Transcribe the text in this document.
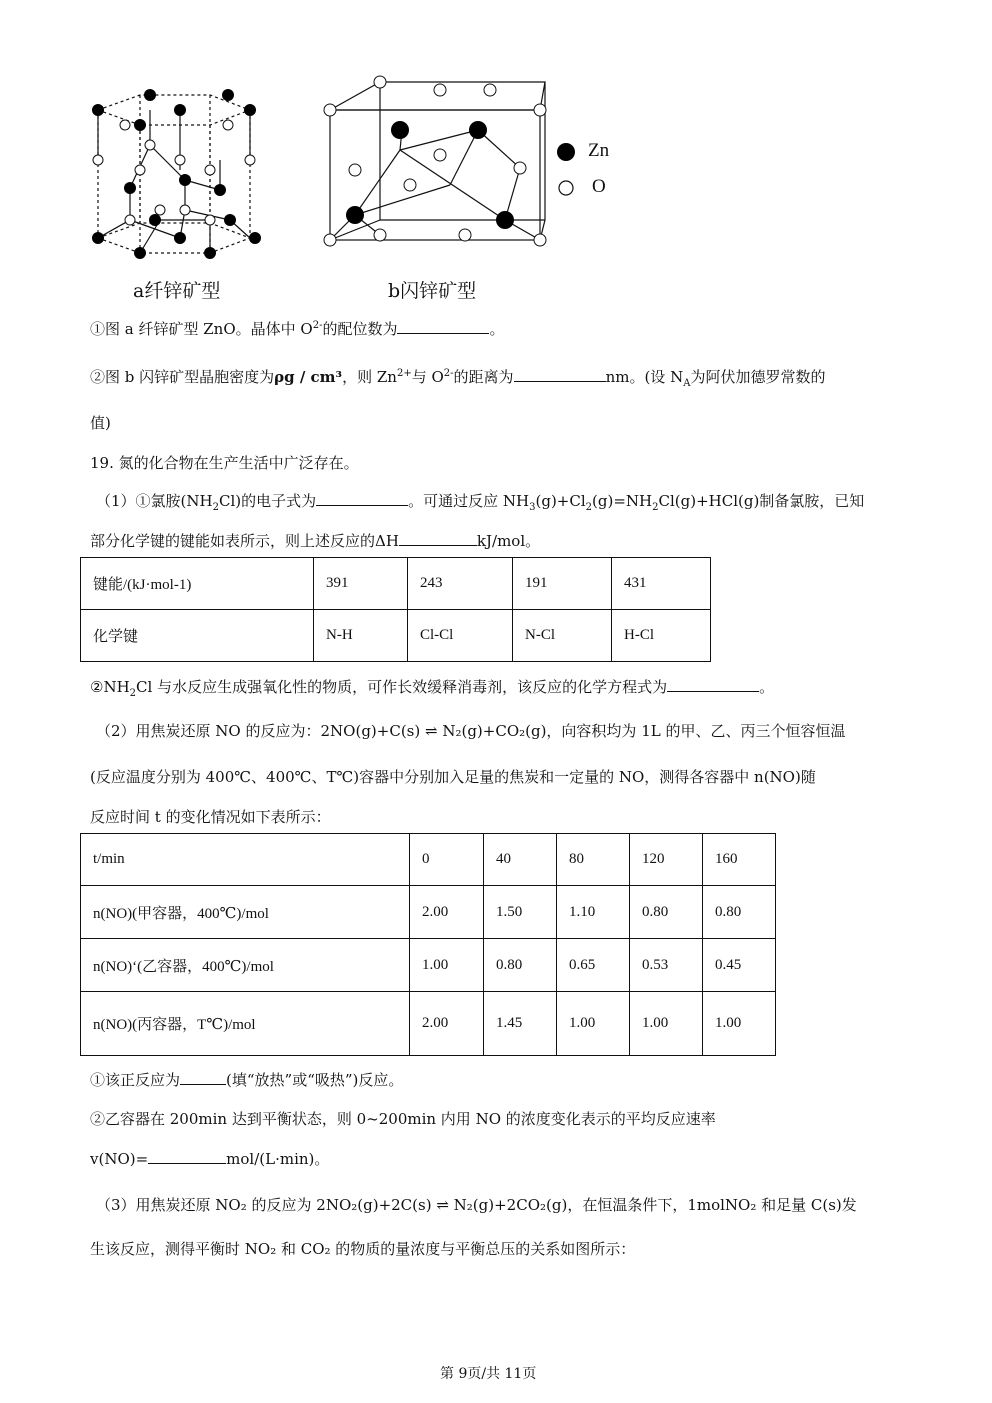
Zn
O
a纤锌矿型	b闪锌矿型
①图 a 纤锌矿型 ZnO。晶体中 $O^{2-}$的配位数为	。
②图 b 闪锌矿型晶胞密度为ρg / cm³，则 $Zn^{2+}$与 $O^{2-}$的距离为	nm。(设 $N_A$为阿伏加德罗常数的
值)
19. 氮的化合物在生产生活中广泛存在。
（1）①氯胺$(NH_2Cl)$的电子式为	。可通过反应 $NH_3(g)+Cl_2(g)=NH_2Cl(g)+HCl(g)$制备氯胺，已知
部分化学键的键能如表所示，则上述反应的ΔH	kJ/mol。
键能/(kJ·mol-1)	391	243	191	431
化学键	N-H	Cl-Cl	N-Cl	H-Cl
$②NH_2Cl$ 与水反应生成强氧化性的物质，可作长效缓释消毒剂，该反应的化学方程式为	。
（2）用焦炭还原 NO 的反应为：2NO(g)+C(s) ⇌ N₂(g)+CO₂(g)，向容积均为 1L 的甲、乙、丙三个恒容恒温
(反应温度分别为 400℃、400℃、T℃)容器中分别加入足量的焦炭和一定量的 NO，测得各容器中 n(NO)随
反应时间 t 的变化情况如下表所示：
t/min	0	40	80	120	160
n(NO)(甲容器，400℃)/mol	2.00	1.50	1.10	0.80	0.80
n(NO)‘(乙容器，400℃)/mol	1.00	0.80	0.65	0.53	0.45
n(NO)(丙容器，T℃)/mol	2.00	1.45	1.00	1.00	1.00
①该正反应为	(填“放热”或“吸热”)反应。
②乙容器在 200min 达到平衡状态，则 0~200min 内用 NO 的浓度变化表示的平均反应速率
v(NO)=	mol/(L·min)。
（3）用焦炭还原 NO₂ 的反应为 2NO₂(g)+2C(s) ⇌ N₂(g)+2CO₂(g)，在恒温条件下，1molNO₂ 和足量 C(s)发
生该反应，测得平衡时 NO₂ 和 CO₂ 的物质的量浓度与平衡总压的关系如图所示：
第 9页/共 11页
